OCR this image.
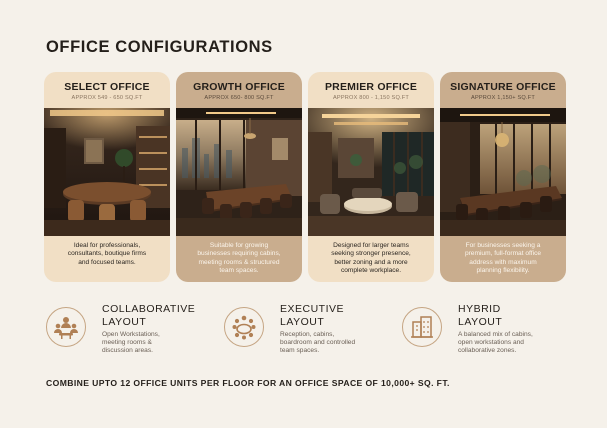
OFFICE CONFIGURATIONS
SELECT OFFICE
APPROX 549 - 650 SQ.FT
Ideal for professionals,
consultants, boutique firms
and focused teams.
GROWTH OFFICE
APPROX 650- 800 SQ.FT
Suitable for growing
businesses requiring cabins,
meeting rooms & structured
team spaces.
PREMIER OFFICE
APPROX 800 - 1,150 SQ.FT
Designed for larger teams
seeking stronger presence,
better zoning and a more
complete workplace.
SIGNATURE OFFICE
APPROX 1,150+ SQ.FT
For businesses seeking a
premium, full-format office
address with maximum
planning flexibility.
COLLABORATIVE
LAYOUT
Open Workstations,
meeting rooms &
discussion areas.
EXECUTIVE
LAYOUT
Reception, cabins,
boardroom and controlled
team spaces.
HYBRID
LAYOUT
A balanced mix of cabins,
open workstations and
collaborative zones.
COMBINE UPTO 12 OFFICE UNITS PER FLOOR FOR AN OFFICE SPACE OF 10,000+ SQ. FT.
